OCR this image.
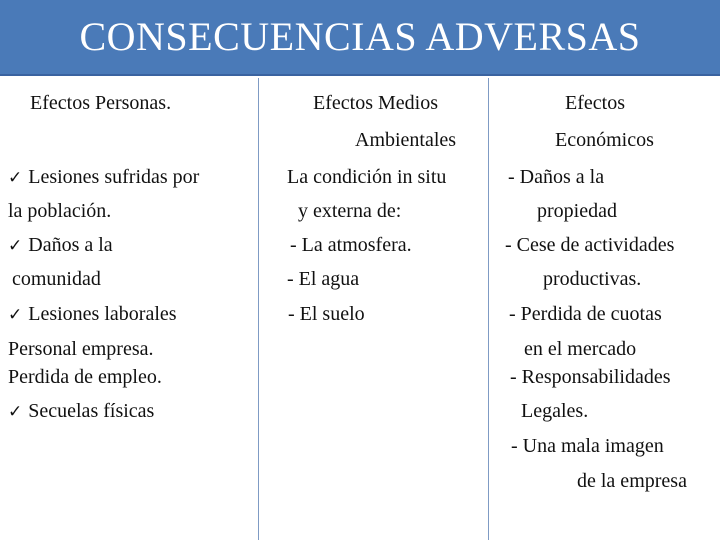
CONSECUENCIAS ADVERSAS
Efectos Personas.
✓ Lesiones sufridas por
la población.
✓ Daños a la
comunidad
✓ Lesiones laborales
Personal empresa.
Perdida de empleo.
✓ Secuelas físicas
Efectos Medios
Ambientales
La condición in situ
y externa de:
- La atmosfera.
- El agua
- El suelo
Efectos
Económicos
- Daños a la
propiedad
- Cese de actividades
productivas.
- Perdida de cuotas
en el mercado
- Responsabilidades
Legales.
- Una mala imagen
de la empresa
